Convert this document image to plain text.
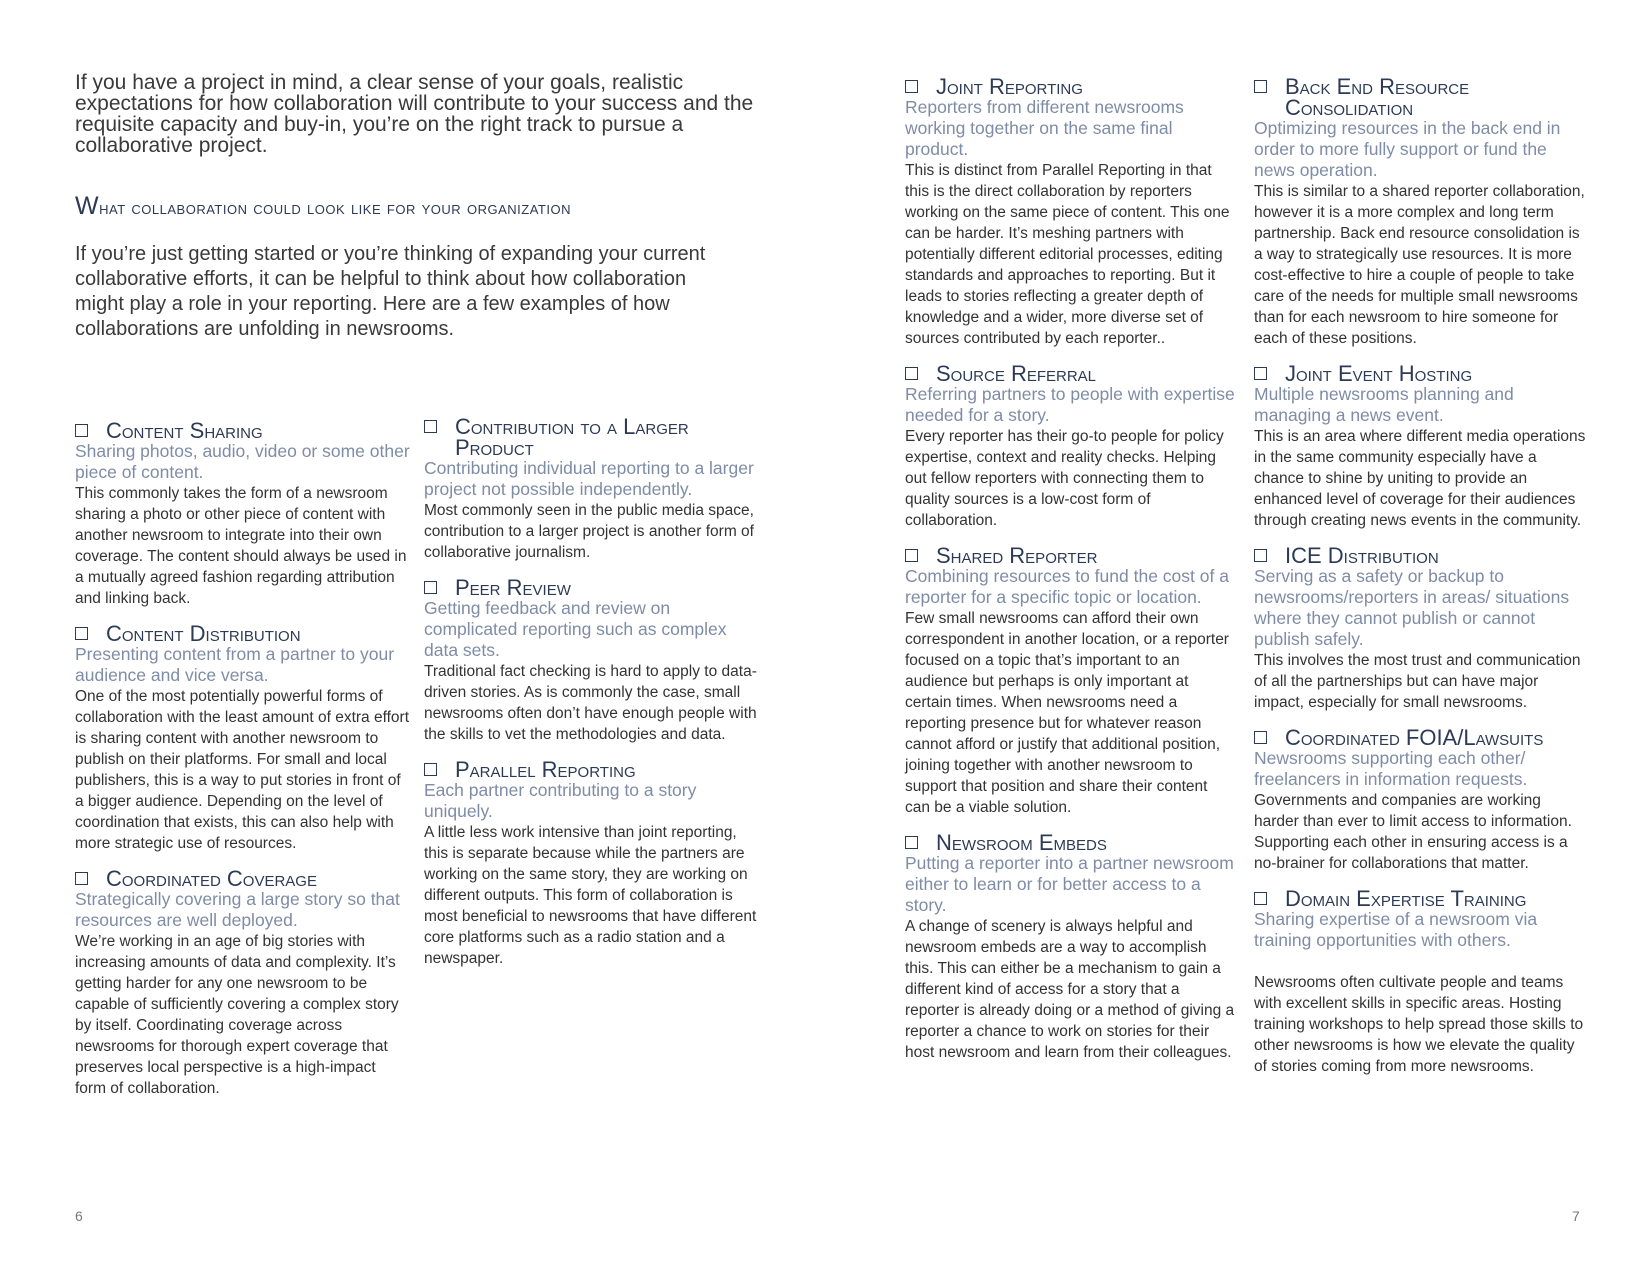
If you have a project in mind, a clear sense of your goals, realistic expectations for how collaboration will contribute to your success and the requisite capacity and buy-in, you’re on the right track to pursue a collaborative project.

What collaboration could look like for your organization

If you’re just getting started or you’re thinking of expanding your current collaborative efforts, it can be helpful to think about how collaboration might play a role in your reporting. Here are a few examples of how collaborations are unfolding in newsrooms.

Content Sharing

Sharing photos, audio, video or some other piece of content.

This commonly takes the form of a newsroom sharing a photo or other piece of content with another newsroom to integrate into their own coverage. The content should always be used in a mutually agreed fashion regarding attribution and linking back.

Content Distribution

Presenting content from a partner to your audience and vice versa.

One of the most potentially powerful forms of collaboration with the least amount of extra effort is sharing content with another newsroom to publish on their platforms. For small and local publishers, this is a way to put stories in front of a bigger audience. Depending on the level of coordination that exists, this can also help with more strategic use of resources.

Coordinated Coverage

Strategically covering a large story so that resources are well deployed.

We’re working in an age of big stories with increasing amounts of data and complexity. It’s getting harder for any one newsroom to be capable of sufficiently covering a complex story by itself. Coordinating coverage across newsrooms for thorough expert coverage that preserves local perspective is a high-impact form of collaboration.

Contribution to a Larger Product

Contributing individual reporting to a larger project not possible independently.

Most commonly seen in the public media space, contribution to a larger project is another form of collaborative journalism.

Peer Review

Getting feedback and review on complicated reporting such as complex data sets.

Traditional fact checking is hard to apply to data-driven stories. As is commonly the case, small newsrooms often don’t have enough people with the skills to vet the methodologies and data.

Parallel Reporting

Each partner contributing to a story uniquely.

A little less work intensive than joint reporting, this is separate because while the partners are working on the same story, they are working on different outputs. This form of collaboration is most beneficial to newsrooms that have different core platforms such as a radio station and a newspaper.

Joint Reporting

Reporters from different newsrooms working together on the same final product.

This is distinct from Parallel Reporting in that this is the direct collaboration by reporters working on the same piece of content. This one can be harder. It’s meshing partners with potentially different editorial processes, editing standards and approaches to reporting. But it leads to stories reflecting a greater depth of knowledge and a wider, more diverse set of sources contributed by each reporter..

Source Referral

Referring partners to people with expertise needed for a story.

Every reporter has their go-to people for policy expertise, context and reality checks. Helping out fellow reporters with connecting them to quality sources is a low-cost form of collaboration.

Shared Reporter

Combining resources to fund the cost of a reporter for a specific topic or location.

Few small newsrooms can afford their own correspondent in another location, or a reporter focused on a topic that’s important to an audience but perhaps is only important at certain times. When newsrooms need a reporting presence but for whatever reason cannot afford or justify that additional position, joining together with another newsroom to support that position and share their content can be a viable solution.

Newsroom Embeds

Putting a reporter into a partner newsroom either to learn or for better access to a story.

A change of scenery is always helpful and newsroom embeds are a way to accomplish this. This can either be a mechanism to gain a different kind of access for a story that a reporter is already doing or a method of giving a reporter a chance to work on stories for their host newsroom and learn from their colleagues.

Back End Resource Consolidation

Optimizing resources in the back end in order to more fully support or fund the news operation.

This is similar to a shared reporter collaboration, however it is a more complex and long term partnership. Back end resource consolidation is a way to strategically use resources. It is more cost-effective to hire a couple of people to take care of the needs for multiple small newsrooms than for each newsroom to hire someone for each of these positions.

Joint Event Hosting

Multiple newsrooms planning and managing a news event.

This is an area where different media operations in the same community especially have a chance to shine by uniting to provide an enhanced level of coverage for their audiences through creating news events in the community.

ICE Distribution

Serving as a safety or backup to newsrooms/reporters in areas/ situations where they cannot publish or cannot publish safely.

This involves the most trust and communication of all the partnerships but can have major impact, especially for small newsrooms.

Coordinated FOIA/Lawsuits

Newsrooms supporting each other/ freelancers in information requests.

Governments and companies are working harder than ever to limit access to information. Supporting each other in ensuring access is a no-brainer for collaborations that matter.

Domain Expertise Training

Sharing expertise of a newsroom via training opportunities with others.

Newsrooms often cultivate people and teams with excellent skills in specific areas. Hosting training workshops to help spread those skills to other newsrooms is how we elevate the quality of stories coming from more newsrooms.

6	7
